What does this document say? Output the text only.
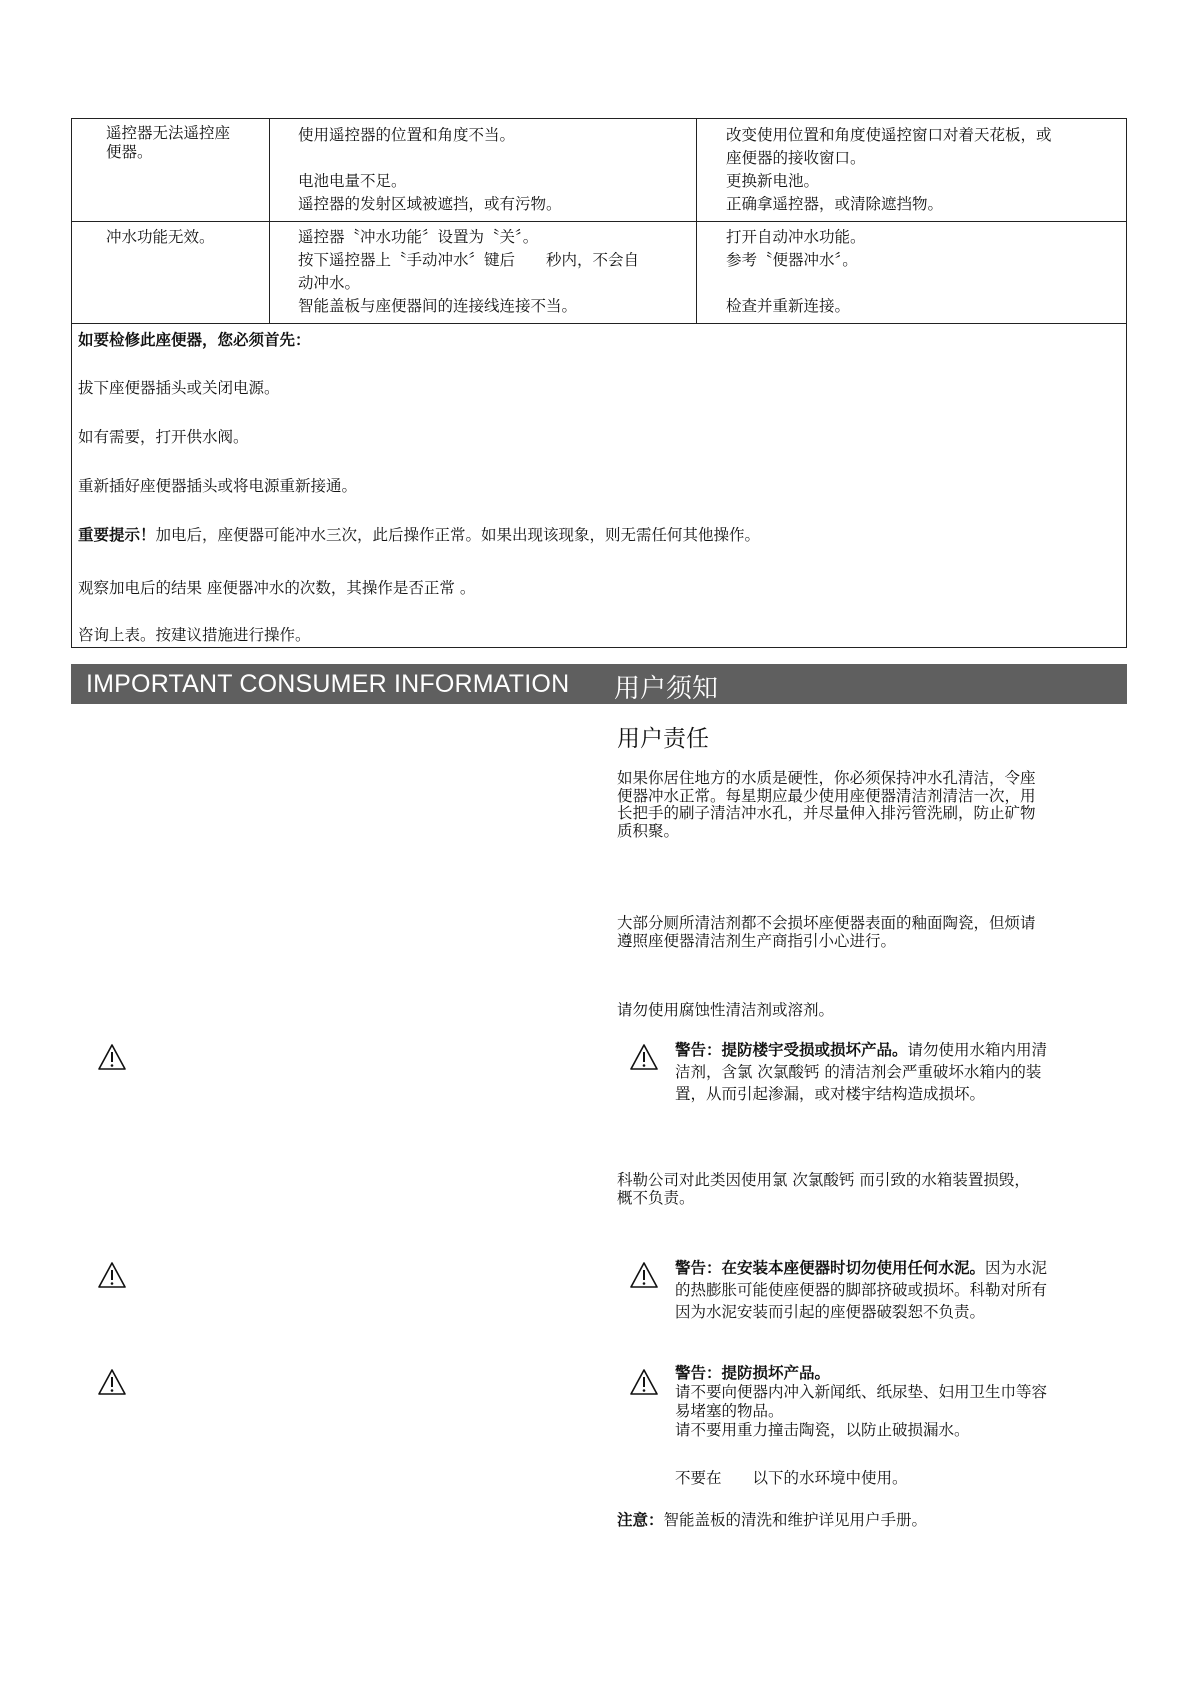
遥控器无法遥控座

便器。

使用遥控器的位置和角度不当。

电池电量不足。

遥控器的发射区域被遮挡，或有污物。

改变使用位置和角度使遥控窗口对着天花板，或

座便器的接收窗口。

更换新电池。

正确拿遥控器，或清除遮挡物。

冲水功能无效。	遥控器〝冲水功能〞设置为〝关〞。

按下遥控器上〝手动冲水〞键后　　秒内，不会自

动冲水。

智能盖板与座便器间的连接线连接不当。

打开自动冲水功能。

参考〝便器冲水〞。

检查并重新连接。

如要检修此座便器，您必须首先：
拔下座便器插头或关闭电源。
如有需要，打开供水阀。
重新插好座便器插头或将电源重新接通。
重要提示！加电后，座便器可能冲水三次，此后操作正常。如果出现该现象，则无需任何其他操作。
观察加电后的结果 座便器冲水的次数，其操作是否正常 。
咨询上表。按建议措施进行操作。
IMPORTANT CONSUMER INFORMATION 用户须知
用户责任
如果你居住地方的水质是硬性，你必须保持冲水孔清洁，令座
便器冲水正常。每星期应最少使用座便器清洁剂清洁一次，用
长把手的刷子清洁冲水孔，并尽量伸入排污管洗刷，防止矿物
质积聚。
大部分厕所清洁剂都不会损坏座便器表面的釉面陶瓷，但烦请
遵照座便器清洁剂生产商指引小心进行。
请勿使用腐蚀性清洁剂或溶剂。
警告：提防楼宇受损或损坏产品。请勿使用水箱内用清
洁剂，含氯 次氯酸钙 的清洁剂会严重破坏水箱内的装
置，从而引起渗漏，或对楼宇结构造成损坏。
科勒公司对此类因使用氯 次氯酸钙 而引致的水箱装置损毁，
概不负责。
警告：在安装本座便器时切勿使用任何水泥。因为水泥
的热膨胀可能使座便器的脚部挤破或损坏。科勒对所有
因为水泥安装而引起的座便器破裂恕不负责。
警告：提防损坏产品。
请不要向便器内冲入新闻纸、纸尿垫、妇用卫生巾等容
易堵塞的物品。
请不要用重力撞击陶瓷，以防止破损漏水。
不要在　　以下的水环境中使用。
注意：智能盖板的清洗和维护详见用户手册。
